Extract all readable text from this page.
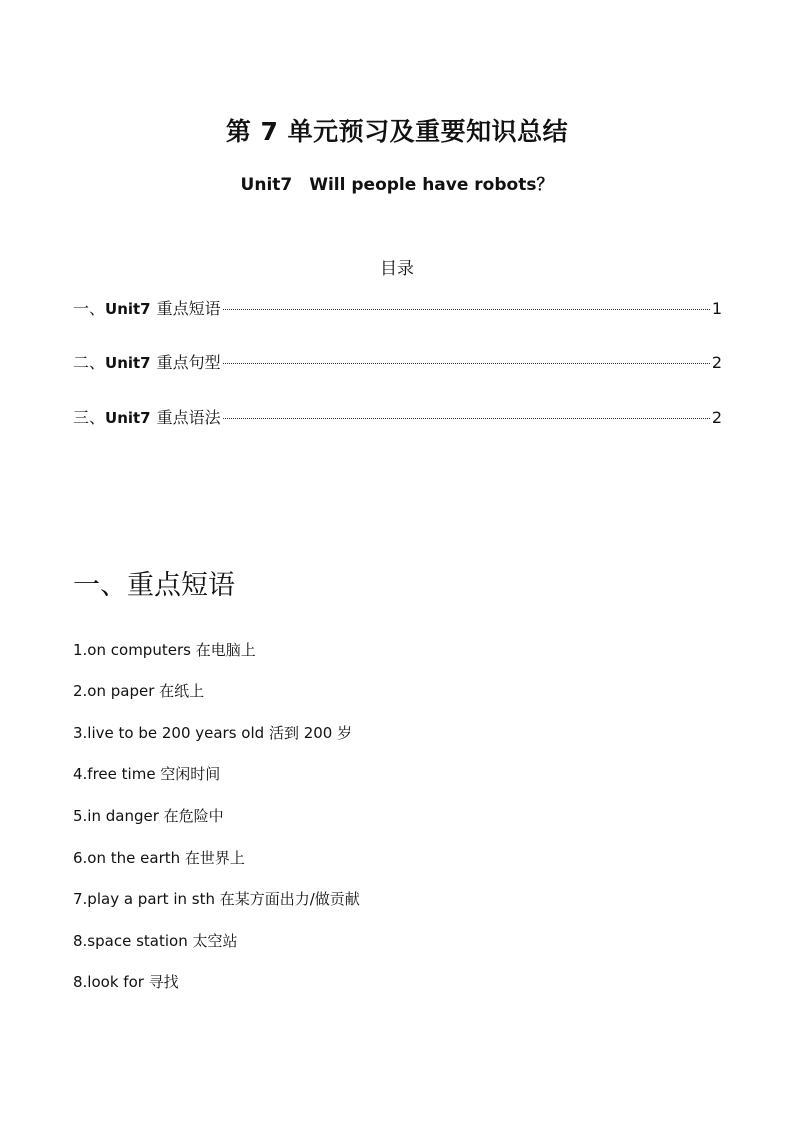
第 7 单元预习及重要知识总结
Unit7　Will people have robots？
目录
一、 Unit7 重点短语	1
二、 Unit7 重点句型	2
三、 Unit7 重点语法	2
一、重点短语
1.on computers 在电脑上
2.on paper 在纸上
3.live to be 200 years old 活到 200 岁
4.free time 空闲时间
5.in danger 在危险中
6.on the earth 在世界上
7.play a part in sth 在某方面出力/做贡献
8.space station 太空站
8.look for 寻找
